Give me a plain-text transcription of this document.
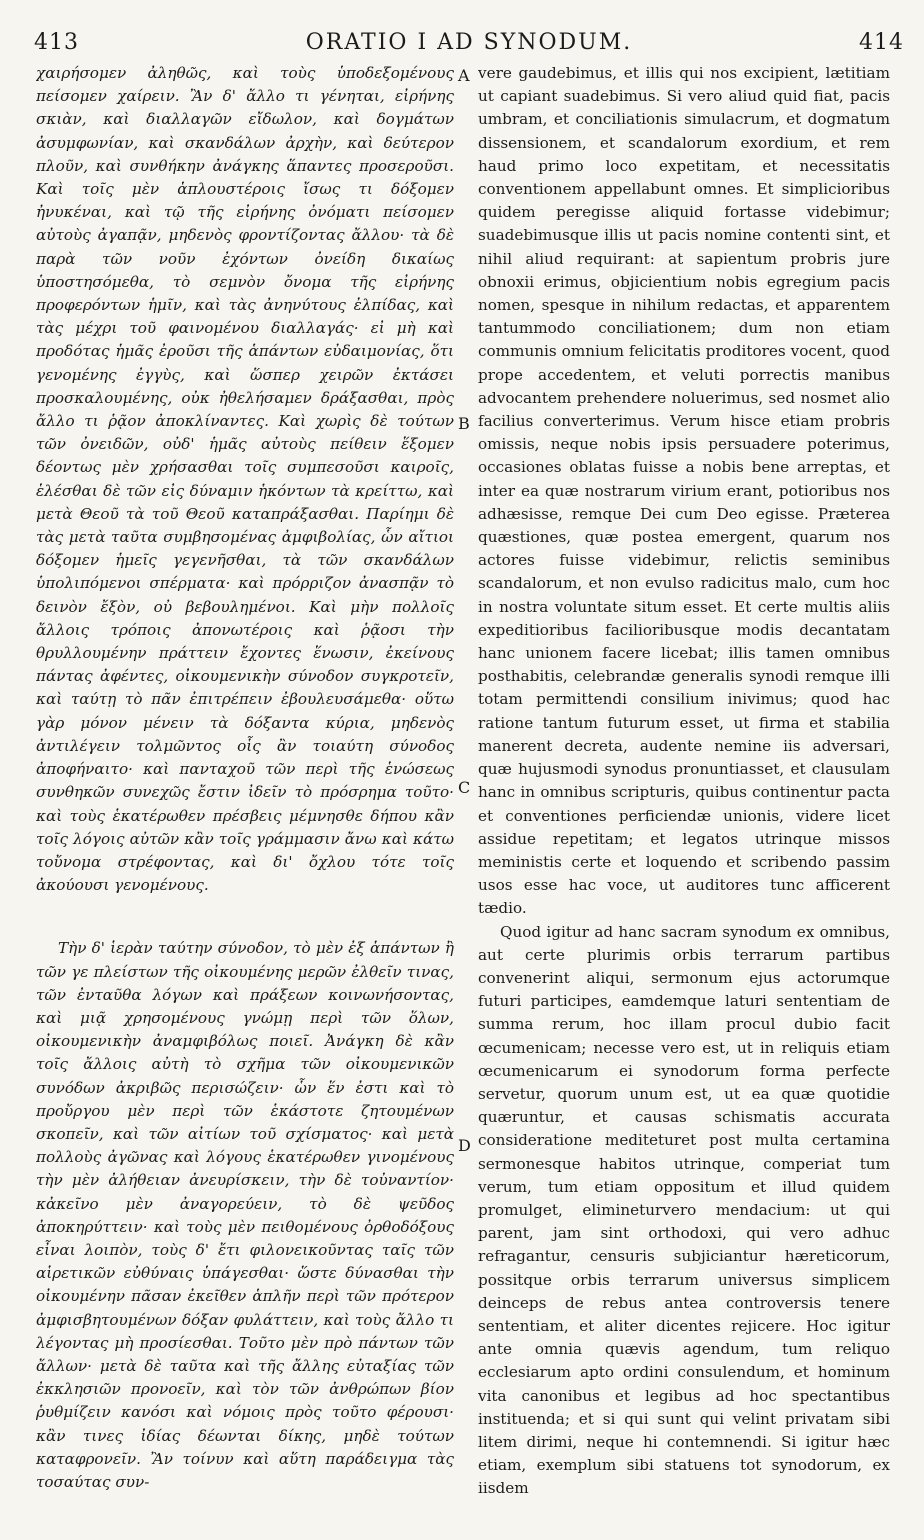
413	ORATIO I AD SYNODUM.	414

χαιρήσομεν ἀληθῶς, καὶ τοὺς ὑποδεξομένους πείσομεν χαίρειν. Ἂν δ' ἄλλο τι γένηται, εἰρήνης σκιὰν, καὶ διαλλαγῶν εἴδωλον, καὶ δογμάτων ἀσυμφωνίαν, καὶ σκανδάλων ἀρχὴν, καὶ δεύτερον πλοῦν, καὶ συνθήκην ἀνάγκης ἅπαντες προσεροῦσι. Καὶ τοῖς μὲν ἁπλουστέροις ἴσως τι δόξομεν ἠνυκέναι, καὶ τῷ τῆς εἰρήνης ὀνόματι πείσομεν αὐτοὺς ἀγαπᾷν, μηδενὸς φροντίζοντας ἄλλου· τὰ δὲ παρὰ τῶν νοῦν ἐχόντων ὀνείδη δικαίως ὑποστησόμεθα, τὸ σεμνὸν ὄνομα τῆς εἰρήνης προφερόντων ἡμῖν, καὶ τὰς ἀνηνύτους ἐλπίδας, καὶ τὰς μέχρι τοῦ φαινομένου διαλλαγάς· εἰ μὴ καὶ προδότας ἡμᾶς ἐροῦσι τῆς ἁπάντων εὐδαιμονίας, ὅτι γενομένης ἐγγὺς, καὶ ὥσπερ χειρῶν ἐκτάσει προσκαλουμένης, οὐκ ἠθελήσαμεν δράξασθαι, πρὸς ἄλλο τι ῥᾷον ἀποκλίναντες. Καὶ χωρὶς δὲ τούτων τῶν ὀνειδῶν, οὐδ' ἡμᾶς αὐτοὺς πείθειν ἕξομεν δέοντως μὲν χρήσασθαι τοῖς συμπεσοῦσι καιροῖς, ἑλέσθαι δὲ τῶν εἰς δύναμιν ἡκόντων τὰ κρείττω, καὶ μετὰ Θεοῦ τὰ τοῦ Θεοῦ καταπράξασθαι. Παρίημι δὲ τὰς μετὰ ταῦτα συμβησομένας ἀμφιβολίας, ὧν αἴτιοι δόξομεν ἡμεῖς γεγενῆσθαι, τὰ τῶν σκανδάλων ὑπολιπόμενοι σπέρματα· καὶ πρόρριζον ἀνασπᾷν τὸ δεινὸν ἔξὸν, οὐ βεβουλημένοι. Καὶ μὴν πολλοῖς ἄλλοις τρόποις ἀπονωτέροις καὶ ῥᾷοσι τὴν θρυλλουμένην πράττειν ἔχοντες ἕνωσιν, ἐκείνους πάντας ἀφέντες, οἰκουμενικὴν σύνοδον συγκροτεῖν, καὶ ταύτῃ τὸ πᾶν ἐπιτρέπειν ἐβουλευσάμεθα· οὕτω γὰρ μόνον μένειν τὰ δόξαντα κύρια, μηδενὸς ἀντιλέγειν τολμῶντος οἷς ἂν τοιαύτη σύνοδος ἀποφήναιτο· καὶ πανταχοῦ τῶν περὶ τῆς ἑνώσεως συνθηκῶν συνεχῶς ἔστιν ἰδεῖν τὸ πρόσρημα τοῦτο· καὶ τοὺς ἑκατέρωθεν πρέσβεις μέμνησθε δήπου κἂν τοῖς λόγοις αὐτῶν κἂν τοῖς γράμμασιν ἄνω καὶ κάτω τοὔνομα στρέφοντας, καὶ δι' ὄχλου τότε τοῖς ἀκούουσι γενομένους.

Τὴν δ' ἱερὰν ταύτην σύνοδον, τὸ μὲν ἐξ ἁπάντων ἢ τῶν γε πλείστων τῆς οἰκουμένης μερῶν ἐλθεῖν τινας, τῶν ἐνταῦθα λόγων καὶ πράξεων κοινωνήσοντας, καὶ μιᾷ χρησομένους γνώμῃ περὶ τῶν ὅλων, οἰκουμενικὴν ἀναμφιβόλως ποιεῖ. Ἀνάγκη δὲ κἂν τοῖς ἄλλοις αὐτὴ τὸ σχῆμα τῶν οἰκουμενικῶν συνόδων ἀκριβῶς περισώζειν· ὧν ἕν ἐστι καὶ τὸ προὔργου μὲν περὶ τῶν ἑκάστοτε ζητουμένων σκοπεῖν, καὶ τῶν αἰτίων τοῦ σχίσματος· καὶ μετὰ πολλοὺς ἀγῶνας καὶ λόγους ἑκατέρωθεν γινομένους τὴν μὲν ἀλήθειαν ἀνευρίσκειν, τὴν δὲ τοὐναντίον· κἀκεῖνο μὲν ἀναγορεύειν, τὸ δὲ ψεῦδος ἀποκηρύττειν· καὶ τοὺς μὲν πειθομένους ὀρθοδόξους εἶναι λοιπὸν, τοὺς δ' ἔτι φιλονεικοῦντας ταῖς τῶν αἱρετικῶν εὐθύναις ὑπάγεσθαι· ὥστε δύνασθαι τὴν οἰκουμένην πᾶσαν ἐκεῖθεν ἁπλῆν περὶ τῶν πρότερον ἀμφισβητουμένων δόξαν φυλάττειν, καὶ τοὺς ἄλλο τι λέγοντας μὴ προσίεσθαι. Τοῦτο μὲν πρὸ πάντων τῶν ἄλλων· μετὰ δὲ ταῦτα καὶ τῆς ἄλλης εὐταξίας τῶν ἐκκλησιῶν προνοεῖν, καὶ τὸν τῶν ἀνθρώπων βίον ῥυθμίζειν κανόσι καὶ νόμοις πρὸς τοῦτο φέρουσι· κἂν τινες ἰδίας δέωνται δίκης, μηδὲ τούτων καταφρονεῖν. Ἂν τοίνυν καὶ αὕτη παράδειγμα τὰς τοσαύτας συν-

A
B
C
D

vere gaudebimus, et illis qui nos excipient, lætitiam ut capiant suadebimus. Si vero aliud quid fiat, pacis umbram, et conciliationis simulacrum, et dogmatum dissensionem, et scandalorum exordium, et rem haud primo loco expetitam, et necessitatis conventionem appellabunt omnes. Et simplicioribus quidem peregisse aliquid fortasse videbimur; suadebimusque illis ut pacis nomine contenti sint, et nihil aliud requirant: at sapientum probris jure obnoxii erimus, objicientium nobis egregium pacis nomen, spesque in nihilum redactas, et apparentem tantummodo conciliationem; dum non etiam communis omnium felicitatis proditores vocent, quod prope accedentem, et veluti porrectis manibus advocantem prehendere noluerimus, sed nosmet alio facilius converterimus. Verum hisce etiam probris omissis, neque nobis ipsis persuadere poterimus, occasiones oblatas fuisse a nobis bene arreptas, et inter ea quæ nostrarum virium erant, potioribus nos adhæsisse, remque Dei cum Deo egisse. Præterea quæstiones, quæ postea emergent, quarum nos actores fuisse videbimur, relictis seminibus scandalorum, et non evulso radicitus malo, cum hoc in nostra voluntate situm esset. Et certe multis aliis expeditioribus facilioribusque modis decantatam hanc unionem facere licebat; illis tamen omnibus posthabitis, celebrandæ generalis synodi remque illi totam permittendi consilium inivimus; quod hac ratione tantum futurum esset, ut firma et stabilia manerent decreta, audente nemine iis adversari, quæ hujusmodi synodus pronuntiasset, et clausulam hanc in omnibus scripturis, quibus continentur pacta et conventiones perficiendæ unionis, videre licet assidue repetitam; et legatos utrinque missos meministis certe et loquendo et scribendo passim usos esse hac voce, ut auditores tunc afficerent tædio.

Quod igitur ad hanc sacram synodum ex omnibus, aut certe plurimis orbis terrarum partibus convenerint aliqui, sermonum ejus actorumque futuri participes, eamdemque laturi sententiam de summa rerum, hoc illam procul dubio facit œcumenicam; necesse vero est, ut in reliquis etiam œcumenicarum ei synodorum forma perfecte servetur, quorum unum est, ut ea quæ quotidie quæruntur, et causas schismatis accurata consideratione mediteturet post multa certamina sermonesque habitos utrinque, comperiat tum verum, tum etiam oppositum et illud quidem promulget, elimineturvero mendacium: ut qui parent, jam sint orthodoxi, qui vero adhuc refragantur, censuris subjiciantur hæreticorum, possitque orbis terrarum universus simplicem deinceps de rebus antea controversis tenere sententiam, et aliter dicentes rejicere. Hoc igitur ante omnia quævis agendum, tum reliquo ecclesiarum apto ordini consulendum, et hominum vita canonibus et legibus ad hoc spectantibus instituenda; et si qui sunt qui velint privatam sibi litem dirimi, neque hi contemnendi. Si igitur hæc etiam, exemplum sibi statuens tot synodorum, ex iisdem
